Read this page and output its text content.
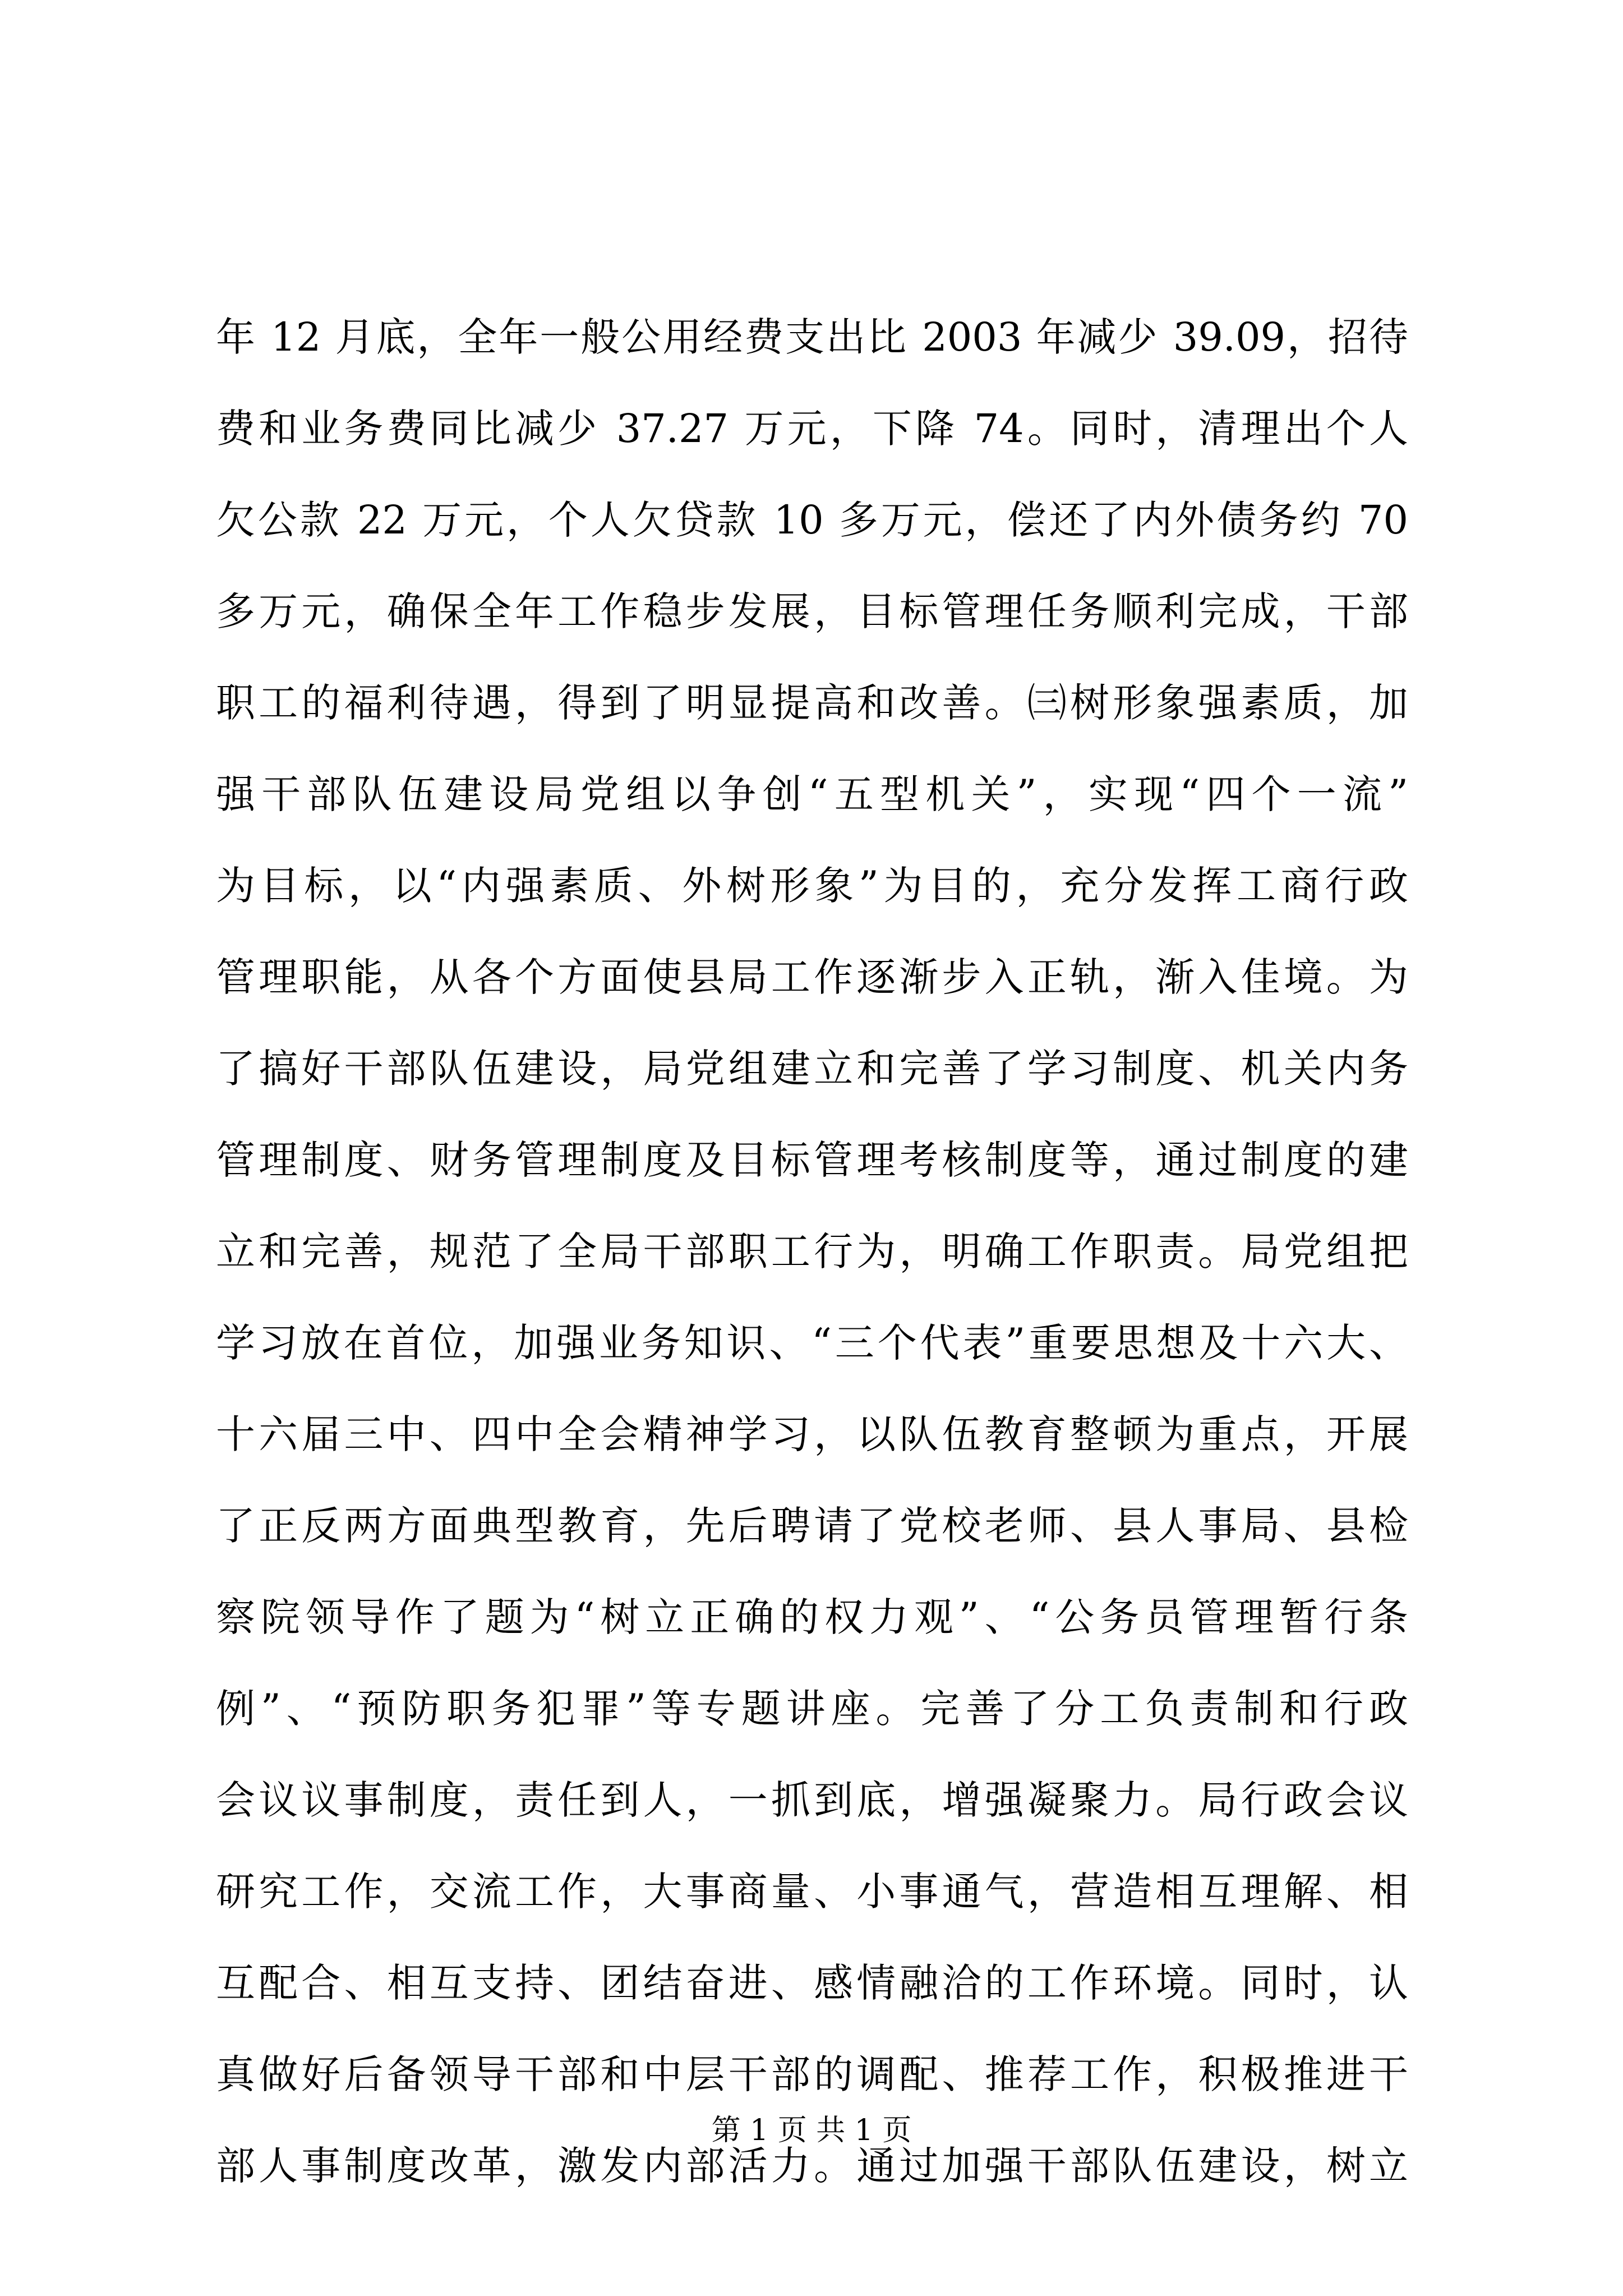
年 12 月底，全年一般公用经费支出比 2003 年减少 39.09，招待
费和业务费同比减少 37.27 万元，下降 74。同时，清理出个人
欠公款 22 万元，个人欠贷款 10 多万元，偿还了内外债务约 70
多万元，确保全年工作稳步发展，目标管理任务顺利完成，干部
职工的福利待遇，得到了明显提高和改善。㈢树形象强素质，加
强干部队伍建设局党组以争创“五型机关”，实现“四个一流”
为目标，以“内强素质、外树形象”为目的，充分发挥工商行政
管理职能，从各个方面使县局工作逐渐步入正轨，渐入佳境。为
了搞好干部队伍建设，局党组建立和完善了学习制度、机关内务
管理制度、财务管理制度及目标管理考核制度等，通过制度的建
立和完善，规范了全局干部职工行为，明确工作职责。局党组把
学习放在首位，加强业务知识、“三个代表”重要思想及十六大、
十六届三中、四中全会精神学习，以队伍教育整顿为重点，开展
了正反两方面典型教育，先后聘请了党校老师、县人事局、县检
察院领导作了题为“树立正确的权力观”、“公务员管理暂行条
例”、“预防职务犯罪”等专题讲座。完善了分工负责制和行政
会议议事制度，责任到人，一抓到底，增强凝聚力。局行政会议
研究工作，交流工作，大事商量、小事通气，营造相互理解、相
互配合、相互支持、团结奋进、感情融洽的工作环境。同时，认
真做好后备领导干部和中层干部的调配、推荐工作，积极推进干
部人事制度改革，激发内部活力。通过加强干部队伍建设，树立
第 1 页 共 1 页
